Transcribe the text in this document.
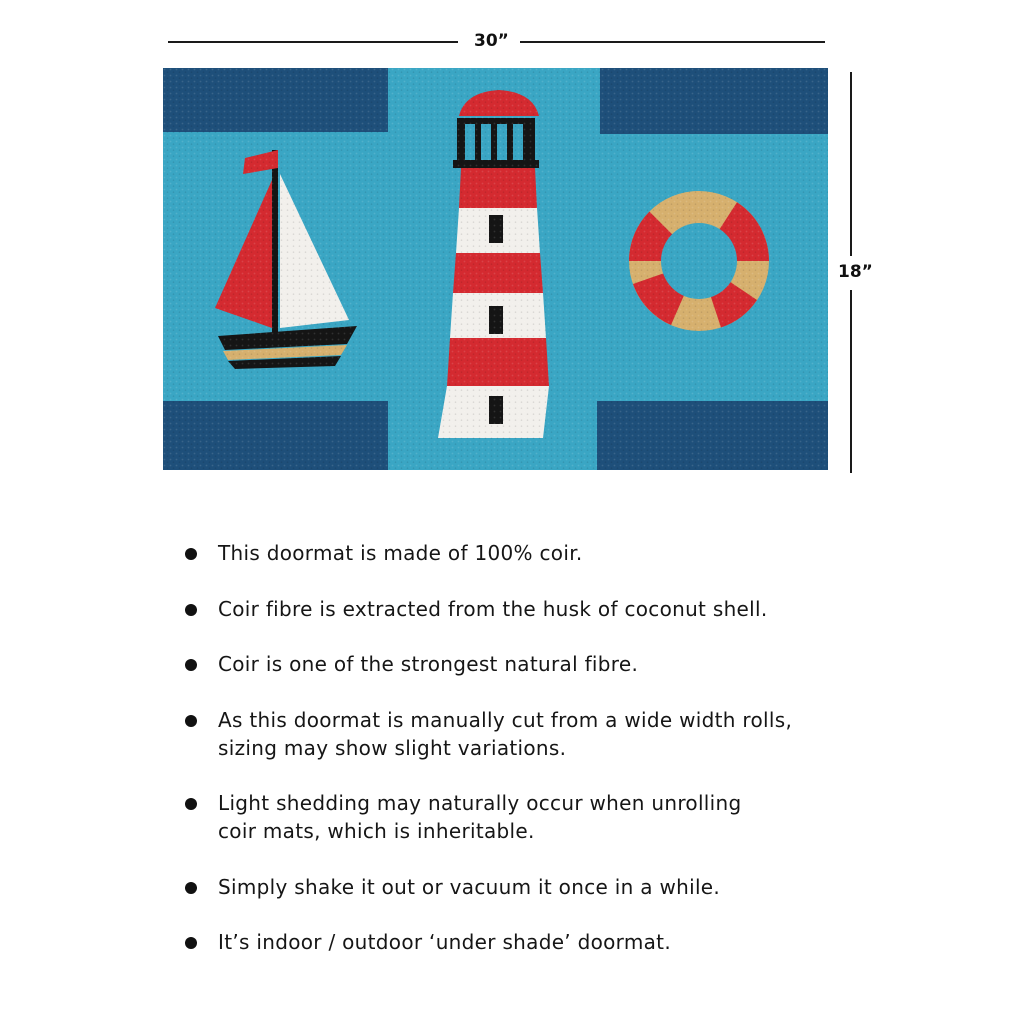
30”
18”
This doormat is made of 100% coir.
Coir fibre is extracted from the husk of coconut shell.
Coir is one of the strongest natural fibre.
As this doormat is manually cut from a wide width rolls,
sizing may show slight variations.
Light shedding may naturally occur when unrolling
coir mats, which is inheritable.
Simply shake it out or vacuum it once in a while.
It’s indoor / outdoor ‘under shade’ doormat.
